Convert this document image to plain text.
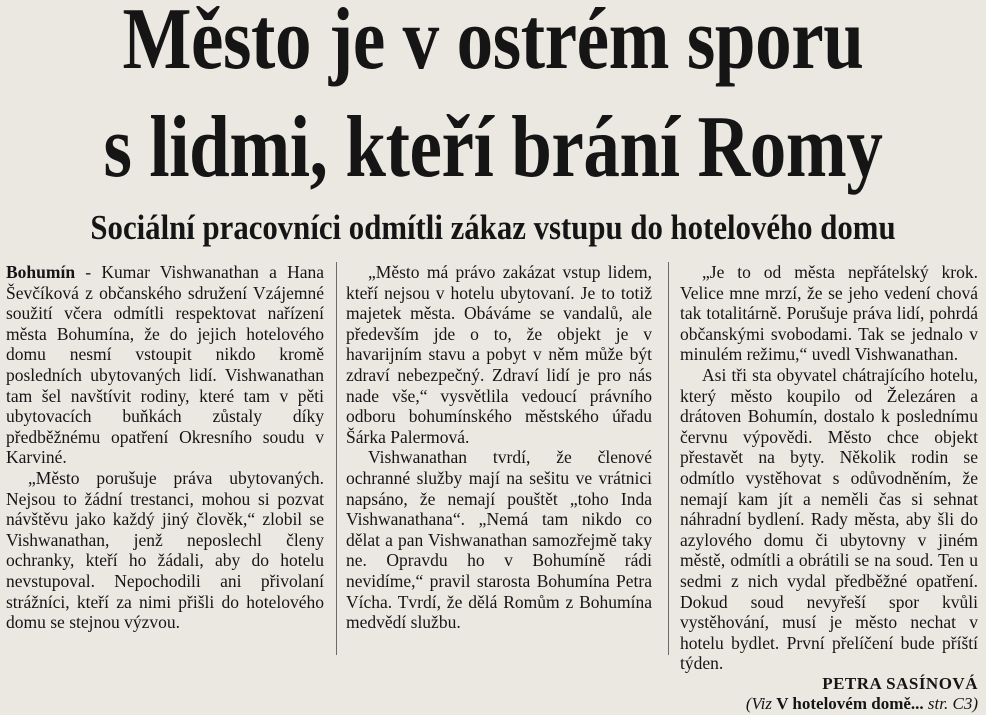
Město je v ostrém sporu
s lidmi, kteří brání Romy
Sociální pracovníci odmítli zákaz vstupu do hotelového domu

Bohumín - Kumar Vishwanathan a Hana Ševčíková z občanského sdružení Vzájemné soužití včera odmítli respektovat nařízení města Bohumína, že do jejich hotelového domu nesmí vstoupit nikdo kromě posledních ubytovaných lidí. Vishwanathan tam šel navštívit rodiny, které tam v pěti ubytovacích buňkách zůstaly díky předběžnému opatření Okresního soudu v Karviné.

„Město porušuje práva ubytovaných. Nejsou to žádní trestanci, mohou si pozvat návštěvu jako každý jiný člověk,“ zlobil se Vishwanathan, jenž neposlechl členy ochranky, kteří ho žádali, aby do hotelu nevstupoval. Nepochodili ani přivolaní strážníci, kteří za nimi přišli do hotelového domu se stejnou výzvou.

„Město má právo zakázat vstup lidem, kteří nejsou v hotelu ubytovaní. Je to totiž majetek města. Obáváme se vandalů, ale především jde o to, že objekt je v havarijním stavu a pobyt v něm může být zdraví nebezpečný. Zdraví lidí je pro nás nade vše,“ vysvětlila vedoucí právního odboru bohumínského městského úřadu Šárka Palermová.

Vishwanathan tvrdí, že členové ochranné služby mají na sešitu ve vrátnici napsáno, že nemají pouštět „toho Inda Vishwanathana“. „Nemá tam nikdo co dělat a pan Vishwanathan samozřejmě taky ne. Opravdu ho v Bohumíně rádi nevidíme,“ pravil starosta Bohumína Petra Vícha. Tvrdí, že dělá Romům z Bohumína medvědí službu.

„Je to od města nepřátelský krok. Velice mne mrzí, že se jeho vedení chová tak totalitárně. Porušuje práva lidí, pohrdá občanskými svobodami. Tak se jednalo v minulém režimu,“ uvedl Vishwanathan.

Asi tři sta obyvatel chátrajícího hotelu, který město koupilo od Železáren a drátoven Bohumín, dostalo k poslednímu červnu výpovědi. Město chce objekt přestavět na byty. Několik rodin se odmítlo vystěhovat s odůvodněním, že nemají kam jít a neměli čas si sehnat náhradní bydlení. Rady města, aby šli do azylového domu či ubytovny v jiném městě, odmítli a obrátili se na soud. Ten u sedmi z nich vydal předběžné opatření. Dokud soud nevyřeší spor kvůli vystěhování, musí je město nechat v hotelu bydlet. První přelíčení bude příští týden.

PETRA SASÍNOVÁ
(Viz V hotelovém domě... str. C3)
